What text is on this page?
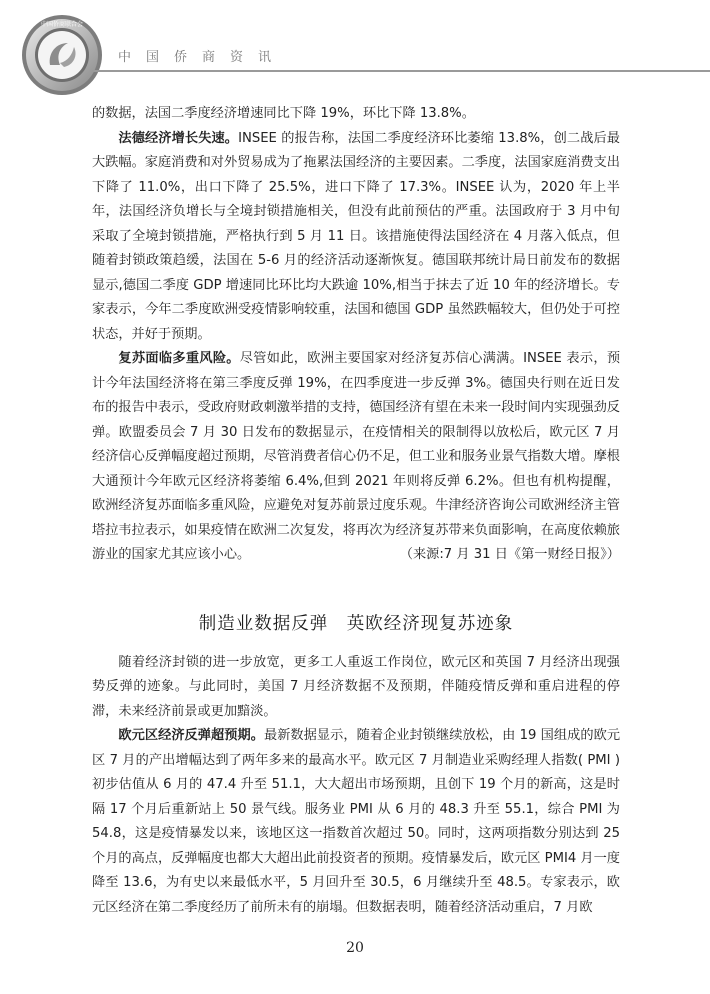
中国侨商联合会
中国侨商资讯

的数据，法国二季度经济增速同比下降 19%，环比下降 13.8%。

法德经济增长失速。INSEE 的报告称，法国二季度经济环比萎缩 13.8%，创二战后最大跌幅。家庭消费和对外贸易成为了拖累法国经济的主要因素。二季度，法国家庭消费支出下降了 11.0%，出口下降了 25.5%，进口下降了 17.3%。INSEE 认为，2020 年上半年，法国经济负增长与全境封锁措施相关，但没有此前预估的严重。法国政府于 3 月中旬采取了全境封锁措施，严格执行到 5 月 11 日。该措施使得法国经济在 4 月落入低点，但随着封锁政策趋缓，法国在 5-6 月的经济活动逐渐恢复。德国联邦统计局日前发布的数据显示,德国二季度 GDP 增速同比环比均大跌逾 10%,相当于抹去了近 10 年的经济增长。专家表示，今年二季度欧洲受疫情影响较重，法国和德国 GDP 虽然跌幅较大，但仍处于可控状态，并好于预期。

复苏面临多重风险。尽管如此，欧洲主要国家对经济复苏信心满满。INSEE 表示，预计今年法国经济将在第三季度反弹 19%，在四季度进一步反弹 3%。德国央行则在近日发布的报告中表示，受政府财政刺激举措的支持，德国经济有望在未来一段时间内实现强劲反弹。欧盟委员会 7 月 30 日发布的数据显示，在疫情相关的限制得以放松后，欧元区 7 月经济信心反弹幅度超过预期，尽管消费者信心仍不足，但工业和服务业景气指数大增。摩根大通预计今年欧元区经济将萎缩 6.4%,但到 2021 年则将反弹 6.2%。但也有机构提醒，欧洲经济复苏面临多重风险，应避免对复苏前景过度乐观。牛津经济咨询公司欧洲经济主管塔拉韦拉表示，如果疫情在欧洲二次复发，将再次为经济复苏带来负面影响，在高度依赖旅游业的国家尤其应该小心。	（来源:7 月 31 日《第一财经日报》）

制造业数据反弹　英欧经济现复苏迹象

随着经济封锁的进一步放宽，更多工人重返工作岗位，欧元区和英国 7 月经济出现强势反弹的迹象。与此同时，美国 7 月经济数据不及预期，伴随疫情反弹和重启进程的停滞，未来经济前景或更加黯淡。

欧元区经济反弹超预期。最新数据显示，随着企业封锁继续放松，由 19 国组成的欧元区 7 月的产出增幅达到了两年多来的最高水平。欧元区 7 月制造业采购经理人指数( PMI )初步估值从 6 月的 47.4 升至 51.1，大大超出市场预期，且创下 19 个月的新高，这是时隔 17 个月后重新站上 50 景气线。服务业 PMI 从 6 月的 48.3 升至 55.1，综合 PMI 为 54.8，这是疫情暴发以来，该地区这一指数首次超过 50。同时，这两项指数分别达到 25 个月的高点，反弹幅度也都大大超出此前投资者的预期。疫情暴发后，欧元区 PMI4 月一度降至 13.6，为有史以来最低水平，5 月回升至 30.5，6 月继续升至 48.5。专家表示，欧元区经济在第二季度经历了前所未有的崩塌。但数据表明，随着经济活动重启，7 月欧

20
